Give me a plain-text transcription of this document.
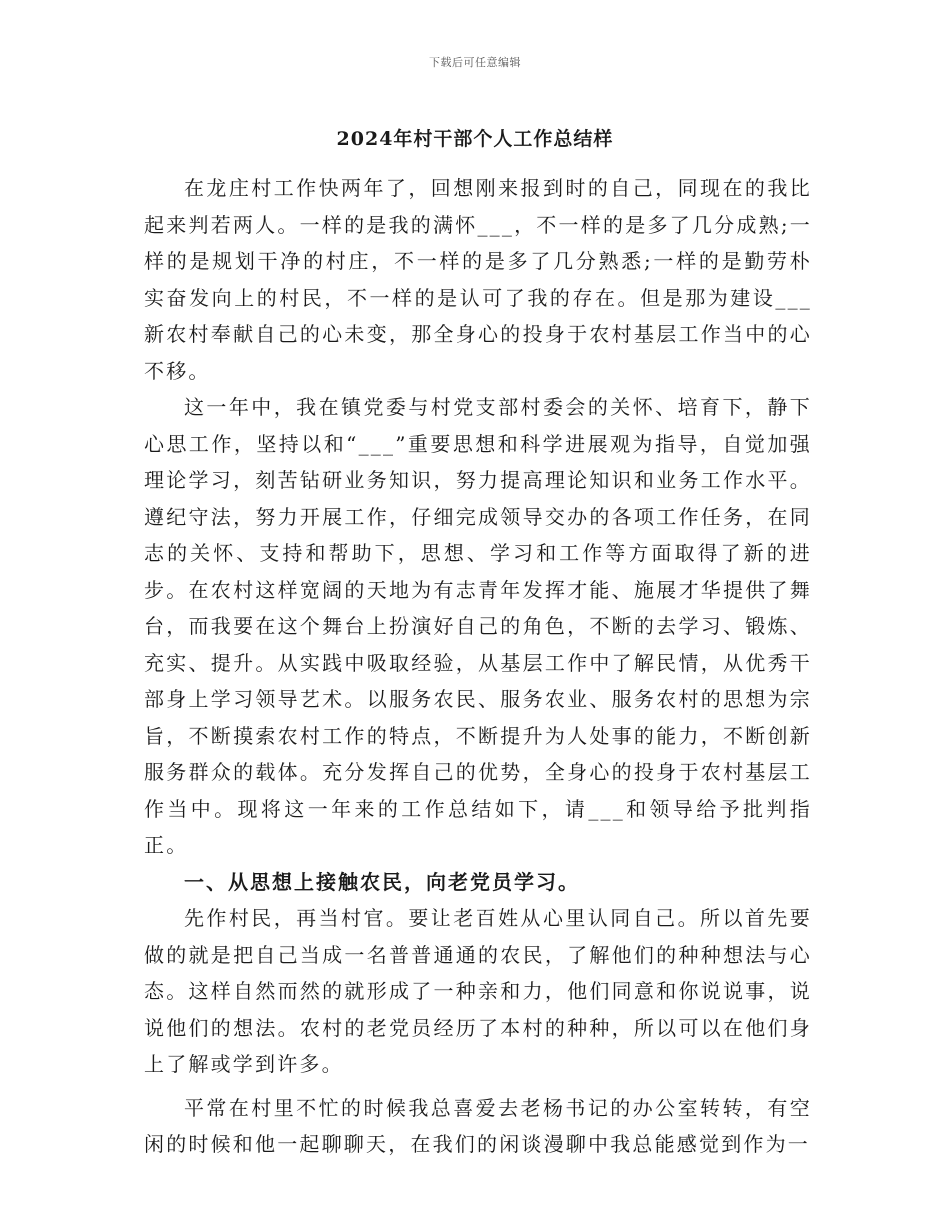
下载后可任意编辑
2024年村干部个人工作总结样

在龙庄村工作快两年了，回想刚来报到时的自己，同现在的我比起来判若两人。一样的是我的满怀___，不一样的是多了几分成熟;一样的是规划干净的村庄，不一样的是多了几分熟悉;一样的是勤劳朴实奋发向上的村民，不一样的是认可了我的存在。但是那为建设___新农村奉献自己的心未变，那全身心的投身于农村基层工作当中的心不移。

这一年中，我在镇党委与村党支部村委会的关怀、培育下，静下心思工作，坚持以和“___”重要思想和科学进展观为指导，自觉加强理论学习，刻苦钻研业务知识，努力提高理论知识和业务工作水平。遵纪守法，努力开展工作，仔细完成领导交办的各项工作任务，在同志的关怀、支持和帮助下，思想、学习和工作等方面取得了新的进步。在农村这样宽阔的天地为有志青年发挥才能、施展才华提供了舞台，而我要在这个舞台上扮演好自己的角色，不断的去学习、锻炼、充实、提升。从实践中吸取经验，从基层工作中了解民情，从优秀干部身上学习领导艺术。以服务农民、服务农业、服务农村的思想为宗旨，不断摸索农村工作的特点，不断提升为人处事的能力，不断创新服务群众的载体。充分发挥自己的优势，全身心的投身于农村基层工作当中。现将这一年来的工作总结如下，请___和领导给予批判指正。

一、从思想上接触农民，向老党员学习。

先作村民，再当村官。要让老百姓从心里认同自己。所以首先要做的就是把自己当成一名普普通通的农民，了解他们的种种想法与心态。这样自然而然的就形成了一种亲和力，他们同意和你说说事，说说他们的想法。农村的老党员经历了本村的种种，所以可以在他们身上了解或学到许多。

平常在村里不忙的时候我总喜爱去老杨书记的办公室转转，有空闲的时候和他一起聊聊天，在我们的闲谈漫聊中我总能感觉到作为一
